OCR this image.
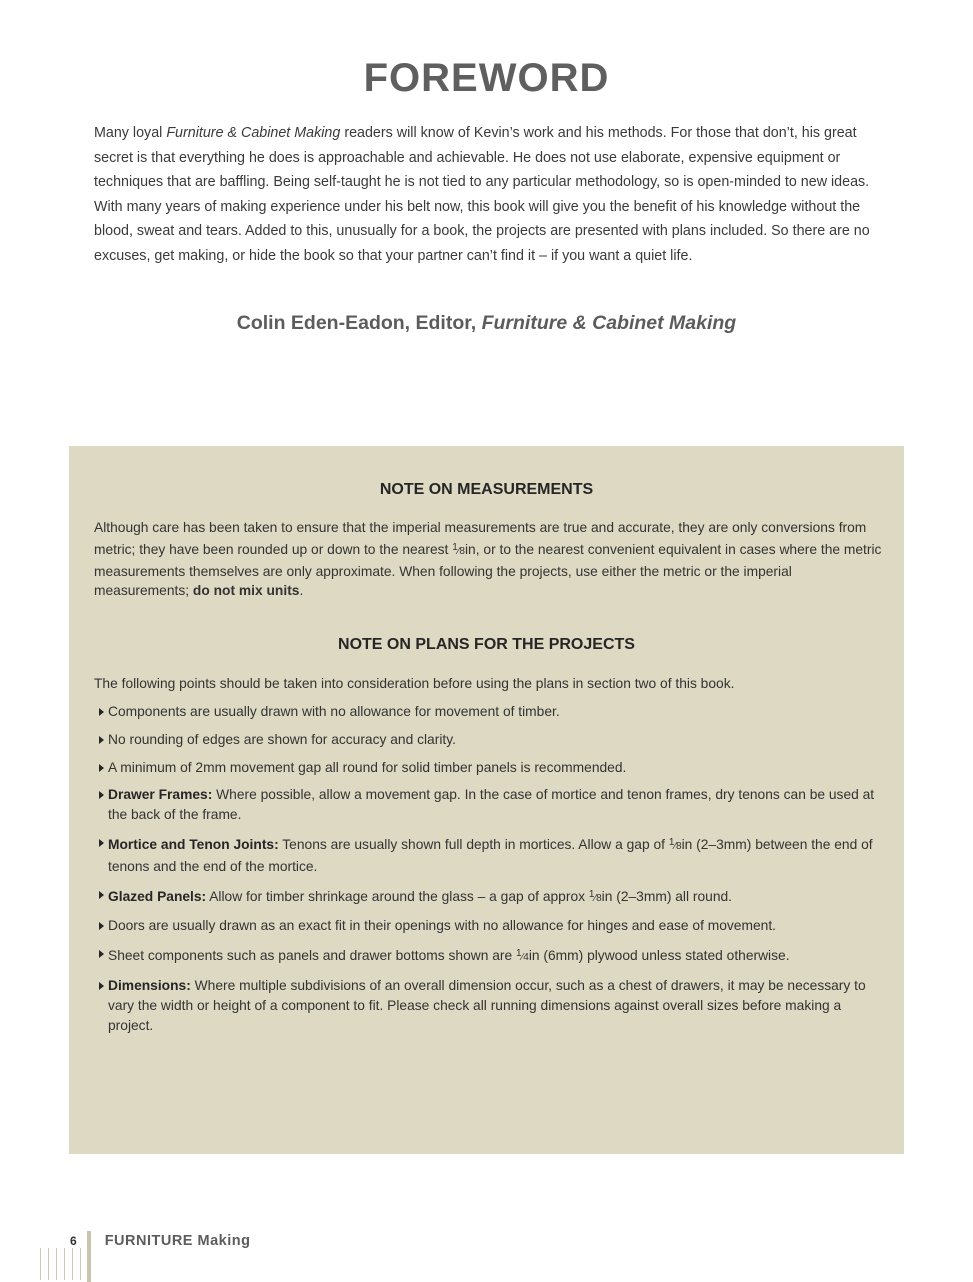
FOREWORD

Many loyal Furniture & Cabinet Making readers will know of Kevin’s work and his methods. For those that don’t, his great secret is that everything he does is approachable and achievable. He does not use elaborate, expensive equipment or techniques that are baffling. Being self-taught he is not tied to any particular methodology, so is open-minded to new ideas. With many years of making experience under his belt now, this book will give you the benefit of his knowledge without the blood, sweat and tears. Added to this, unusually for a book, the projects are presented with plans included. So there are no excuses, get making, or hide the book so that your partner can’t find it – if you want a quiet life.

Colin Eden-Eadon, Editor, Furniture & Cabinet Making
NOTE ON MEASUREMENTS

Although care has been taken to ensure that the imperial measurements are true and accurate, they are only conversions from metric; they have been rounded up or down to the nearest $^1$⁄8in, or to the nearest convenient equivalent in cases where the metric measurements themselves are only approximate. When following the projects, use either the metric or the imperial measurements; do not mix units.

NOTE ON PLANS FOR THE PROJECTS

The following points should be taken into consideration before using the plans in section two of this book.

Components are usually drawn with no allowance for movement of timber.
No rounding of edges are shown for accuracy and clarity.
A minimum of 2mm movement gap all round for solid timber panels is recommended.
Drawer Frames: Where possible, allow a movement gap. In the case of mortice and tenon frames, dry tenons can be used at the back of the frame.
Mortice and Tenon Joints: Tenons are usually shown full depth in mortices. Allow a gap of $^1$⁄8in (2–3mm) between the end of tenons and the end of the mortice.
Glazed Panels: Allow for timber shrinkage around the glass – a gap of approx $^1$⁄8in (2–3mm) all round.
Doors are usually drawn as an exact fit in their openings with no allowance for hinges and ease of movement.
Sheet components such as panels and drawer bottoms shown are $^1$⁄4in (6mm) plywood unless stated otherwise.
Dimensions: Where multiple subdivisions of an overall dimension occur, such as a chest of drawers, it may be necessary to vary the width or height of a component to fit. Please check all running dimensions against overall sizes before making a project.
6 FURNITURE Making
